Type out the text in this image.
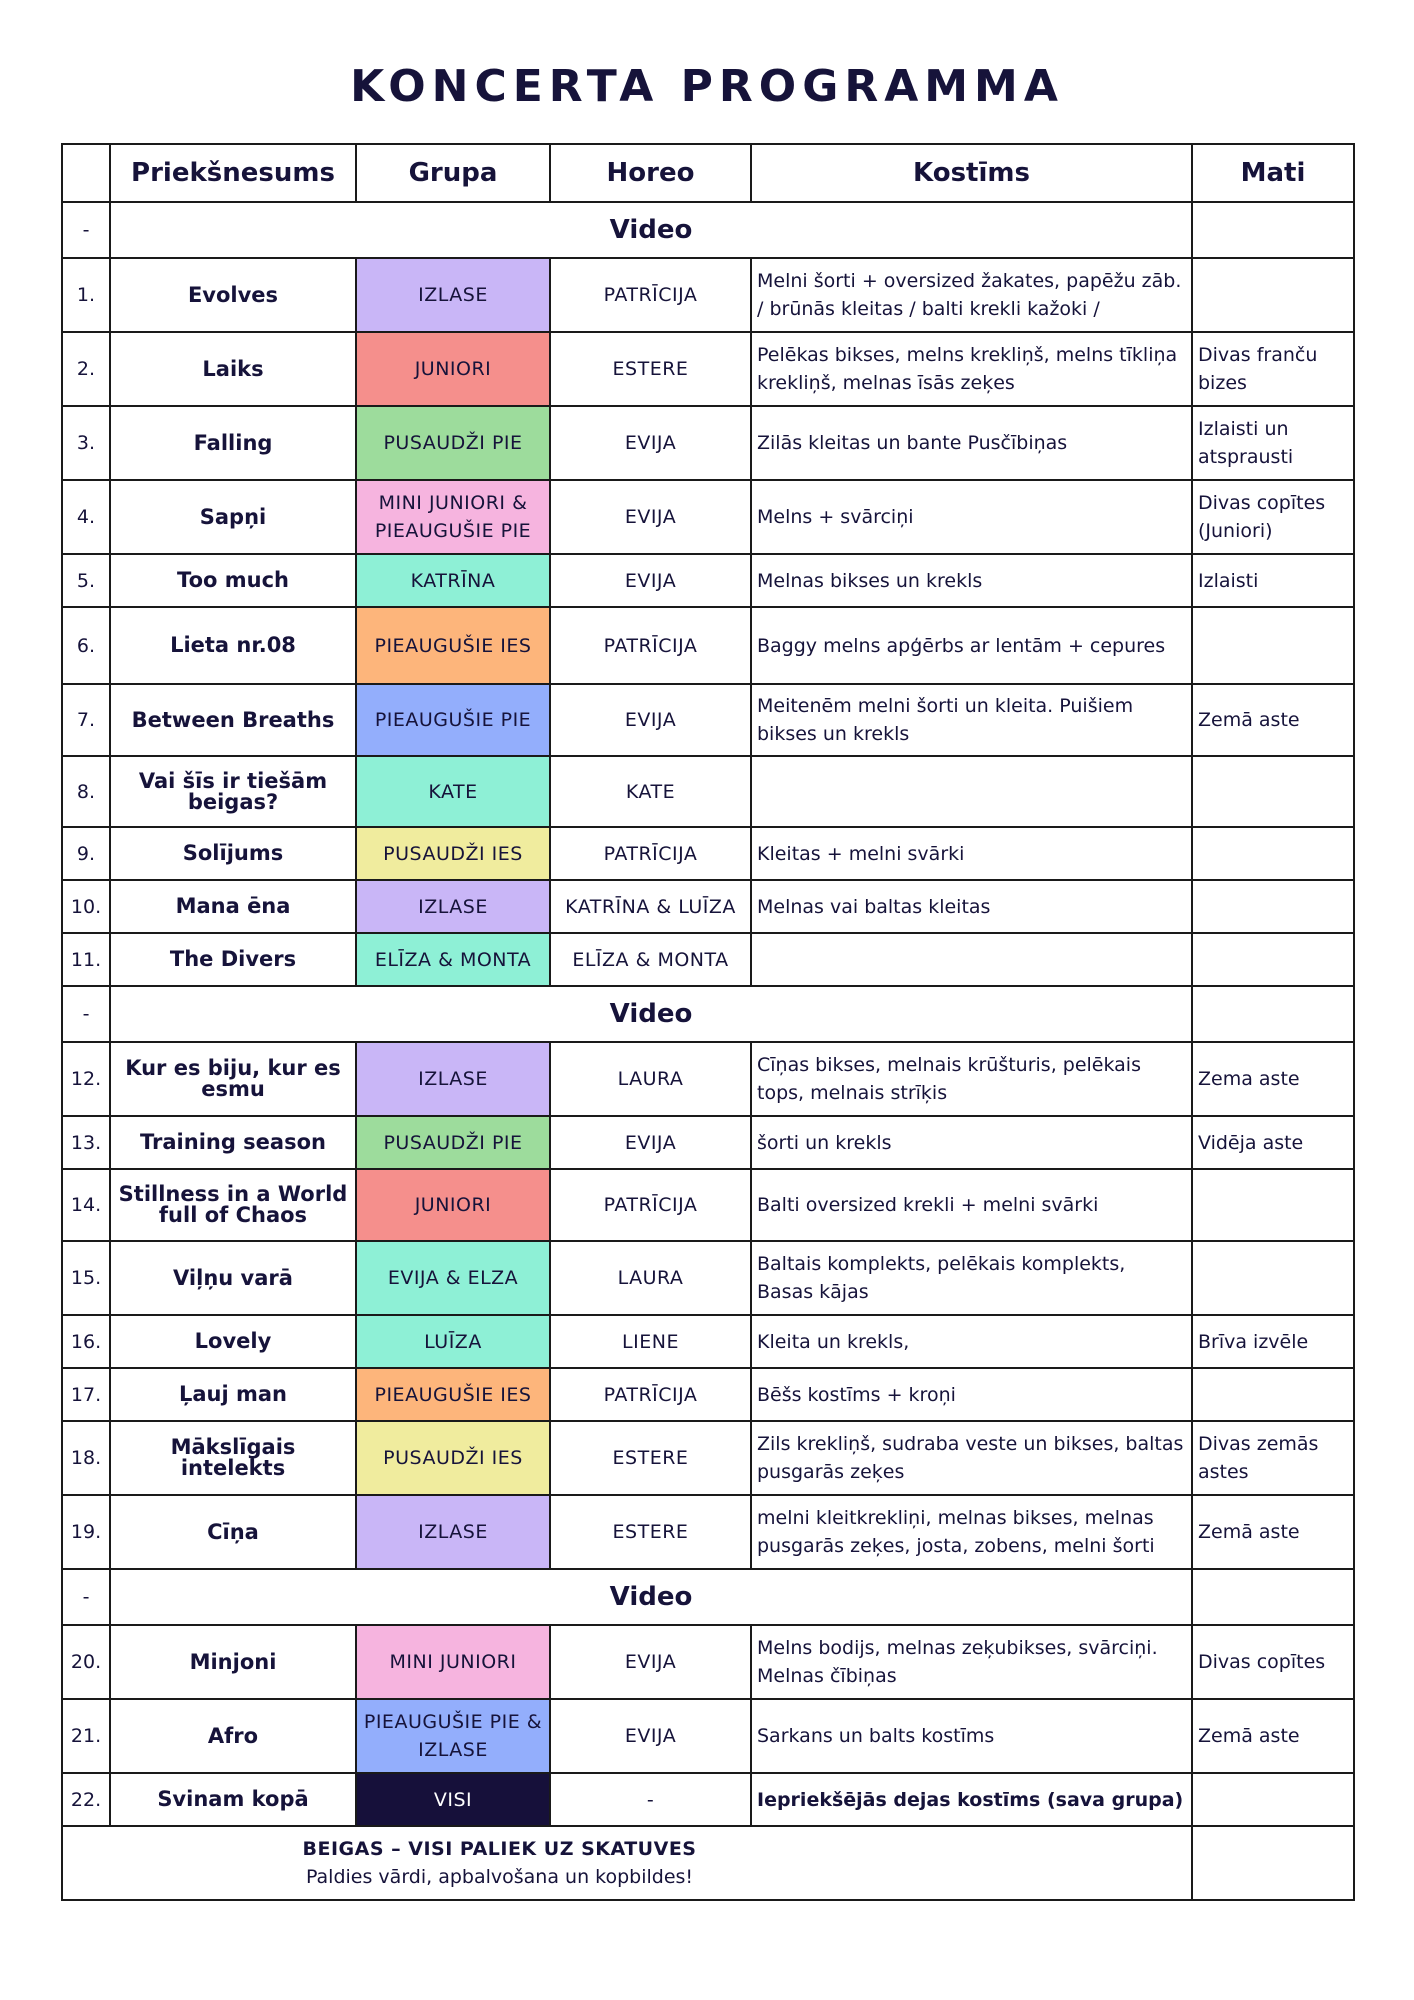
KONCERTA PROGRAMMA
	Priekšnesums	Grupa	Horeo	Kostīms	Mati
-	Video				
1.	Evolves	IZLASE	PATRĪCIJA	Melni šorti + oversized žakates, papēžu zāb. / brūnās kleitas / balti krekli kažoki /	
2.	Laiks	JUNIORI	ESTERE	Pelēkas bikses, melns krekliņš, melns tīkliņa krekliņš, melnas īsās zeķes	Divas franču bizes
3.	Falling	PUSAUDŽI PIE	EVIJA	Zilās kleitas un bante Pusčībiņas	Izlaisti un atsprausti
4.	Sapņi	MINI JUNIORI & PIEAUGUŠIE PIE	EVIJA	Melns + svārciņi	Divas copītes (Juniori)
5.	Too much	KATRĪNA	EVIJA	Melnas bikses un krekls	Izlaisti
6.	Lieta nr.08	PIEAUGUŠIE IES	PATRĪCIJA	Baggy melns apģērbs ar lentām + cepures	
7.	Between Breaths	PIEAUGUŠIE PIE	EVIJA	Meitenēm melni šorti un kleita. Puišiem bikses un krekls	Zemā aste
8.	Vai šīs ir tiešām beigas?	KATE	KATE		
9.	Solījums	PUSAUDŽI IES	PATRĪCIJA	Kleitas + melni svārki	
10.	Mana ēna	IZLASE	KATRĪNA & LUĪZA	Melnas vai baltas kleitas	
11.	The Divers	ELĪZA & MONTA	ELĪZA & MONTA		
-	Video				
12.	Kur es biju, kur es esmu	IZLASE	LAURA	Cīņas bikses, melnais krūšturis, pelēkais tops, melnais strīķis	Zema aste
13.	Training season	PUSAUDŽI PIE	EVIJA	šorti un krekls	Vidēja aste
14.	Stillness in a World full of Chaos	JUNIORI	PATRĪCIJA	Balti oversized krekli + melni svārki	
15.	Viļņu varā	EVIJA & ELZA	LAURA	Baltais komplekts, pelēkais komplekts, Basas kājas	
16.	Lovely	LUĪZA	LIENE	Kleita un krekls,	Brīva izvēle
17.	Ļauj man	PIEAUGUŠIE IES	PATRĪCIJA	Bēšs kostīms + kroņi	
18.	Mākslīgais intelekts	PUSAUDŽI IES	ESTERE	Zils krekliņš, sudraba veste un bikses, baltas pusgarās zeķes	Divas zemās astes
19.	Cīņa	IZLASE	ESTERE	melni kleitkrekliņi, melnas bikses, melnas pusgarās zeķes, josta, zobens, melni šorti	Zemā aste
-	Video				
20.	Minjoni	MINI JUNIORI	EVIJA	Melns bodijs, melnas zeķubikses, svārciņi. Melnas čībiņas	Divas copītes
21.	Afro	PIEAUGUŠIE PIE & IZLASE	EVIJA	Sarkans un balts kostīms	Zemā aste
22.	Svinam kopā	VISI	-	Iepriekšējās dejas kostīms (sava grupa)	

BEIGAS – VISI PALIEK UZ SKATUVES
Paldies vārdi, apbalvošana un kopbildes!					
